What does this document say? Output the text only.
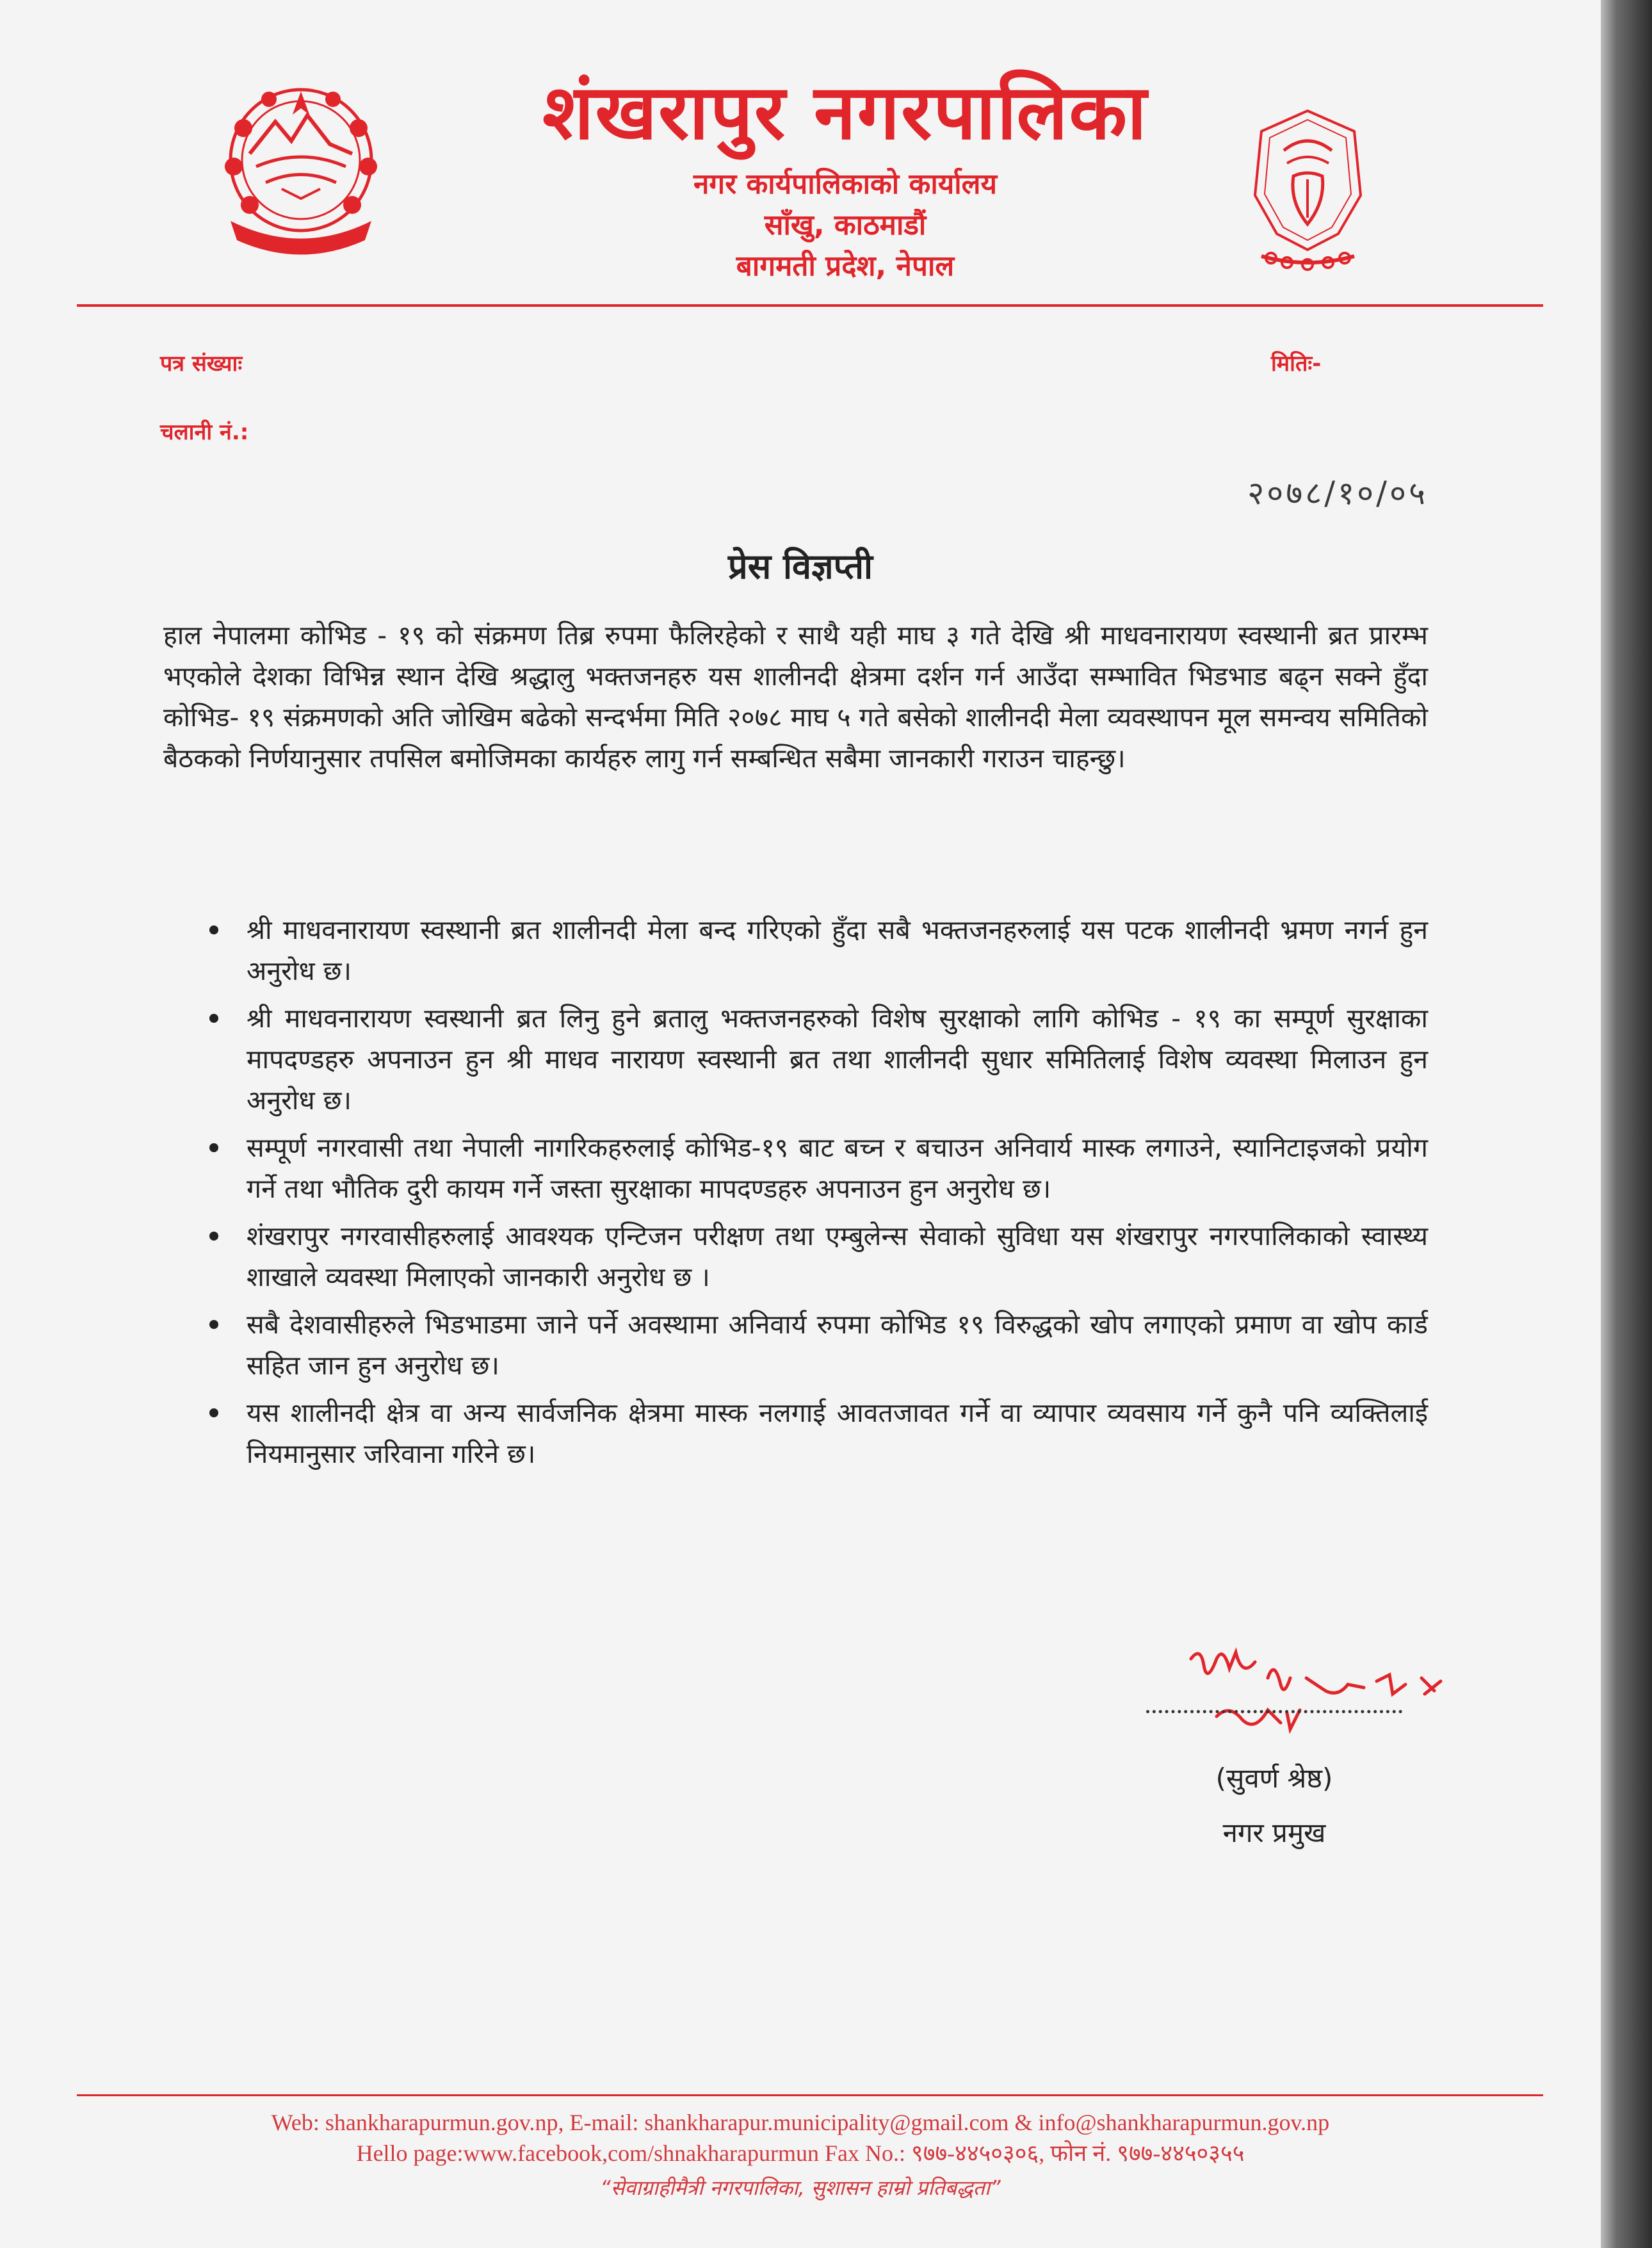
शंखरापुर नगरपालिका
नगर कार्यपालिकाको कार्यालय
साँखु, काठमाडौं
बागमती प्रदेश, नेपाल
पत्र संख्याः
चलानी नं.:
मितिः-
२०७८/१०/०५
प्रेस विज्ञप्ती
हाल नेपालमा कोभिड - १९ को संक्रमण तिब्र रुपमा फैलिरहेको र साथै यही माघ ३ गते देखि श्री माधवनारायण स्वस्थानी ब्रत प्रारम्भ भएकोले देशका विभिन्न स्थान देखि श्रद्धालु भक्तजनहरु यस शालीनदी क्षेत्रमा दर्शन गर्न आउँदा सम्भावित भिडभाड बढ्न सक्ने हुँदा कोभिड- १९ संक्रमणको अति जोखिम बढेको सन्दर्भमा मिति २०७८ माघ ५ गते बसेको शालीनदी मेला व्यवस्थापन मूल समन्वय समितिको बैठकको निर्णयानुसार तपसिल बमोजिमका कार्यहरु लागु गर्न सम्बन्धित सबैमा जानकारी गराउन चाहन्छु।
श्री माधवनारायण स्वस्थानी ब्रत शालीनदी मेला बन्द गरिएको हुँदा सबै भक्तजनहरुलाई यस पटक शालीनदी भ्रमण नगर्न हुन अनुरोध छ।
श्री माधवनारायण स्वस्थानी ब्रत लिनु हुने ब्रतालु भक्तजनहरुको विशेष सुरक्षाको लागि कोभिड - १९ का सम्पूर्ण सुरक्षाका मापदण्डहरु अपनाउन हुन श्री माधव नारायण स्वस्थानी ब्रत तथा शालीनदी सुधार समितिलाई विशेष व्यवस्था मिलाउन हुन अनुरोध छ।
सम्पूर्ण नगरवासी तथा नेपाली नागरिकहरुलाई कोभिड-१९ बाट बच्न र बचाउन अनिवार्य मास्क लगाउने, स्यानिटाइजको प्रयोग गर्ने तथा भौतिक दुरी कायम गर्ने जस्ता सुरक्षाका मापदण्डहरु अपनाउन हुन अनुरोध छ।
शंखरापुर नगरवासीहरुलाई आवश्यक एन्टिजन परीक्षण तथा एम्बुलेन्स सेवाको सुविधा यस शंखरापुर नगरपालिकाको स्वास्थ्य शाखाले व्यवस्था मिलाएको जानकारी अनुरोध छ ।
सबै देशवासीहरुले भिडभाडमा जाने पर्ने अवस्थामा अनिवार्य रुपमा कोभिड १९ विरुद्धको खोप लगाएको प्रमाण वा खोप कार्ड सहित जान हुन अनुरोध छ।
यस शालीनदी क्षेत्र वा अन्य सार्वजनिक क्षेत्रमा मास्क नलगाई आवतजावत गर्ने वा व्यापार व्यवसाय गर्ने कुनै पनि व्यक्तिलाई नियमानुसार जरिवाना गरिने छ।
(सुवर्ण श्रेष्ठ)
नगर प्रमुख
Web: shankharapurmun.gov.np, E-mail: shankharapur.municipality@gmail.com & info@shankharapurmun.gov.np
Hello page:www.facebook,com/shnakharapurmun Fax No.: ९७७-४४५०३०६, फोन नं. ९७७-४४५०३५५
“सेवाग्राहीमैत्री नगरपालिका, सुशासन हाम्रो प्रतिबद्धता”
